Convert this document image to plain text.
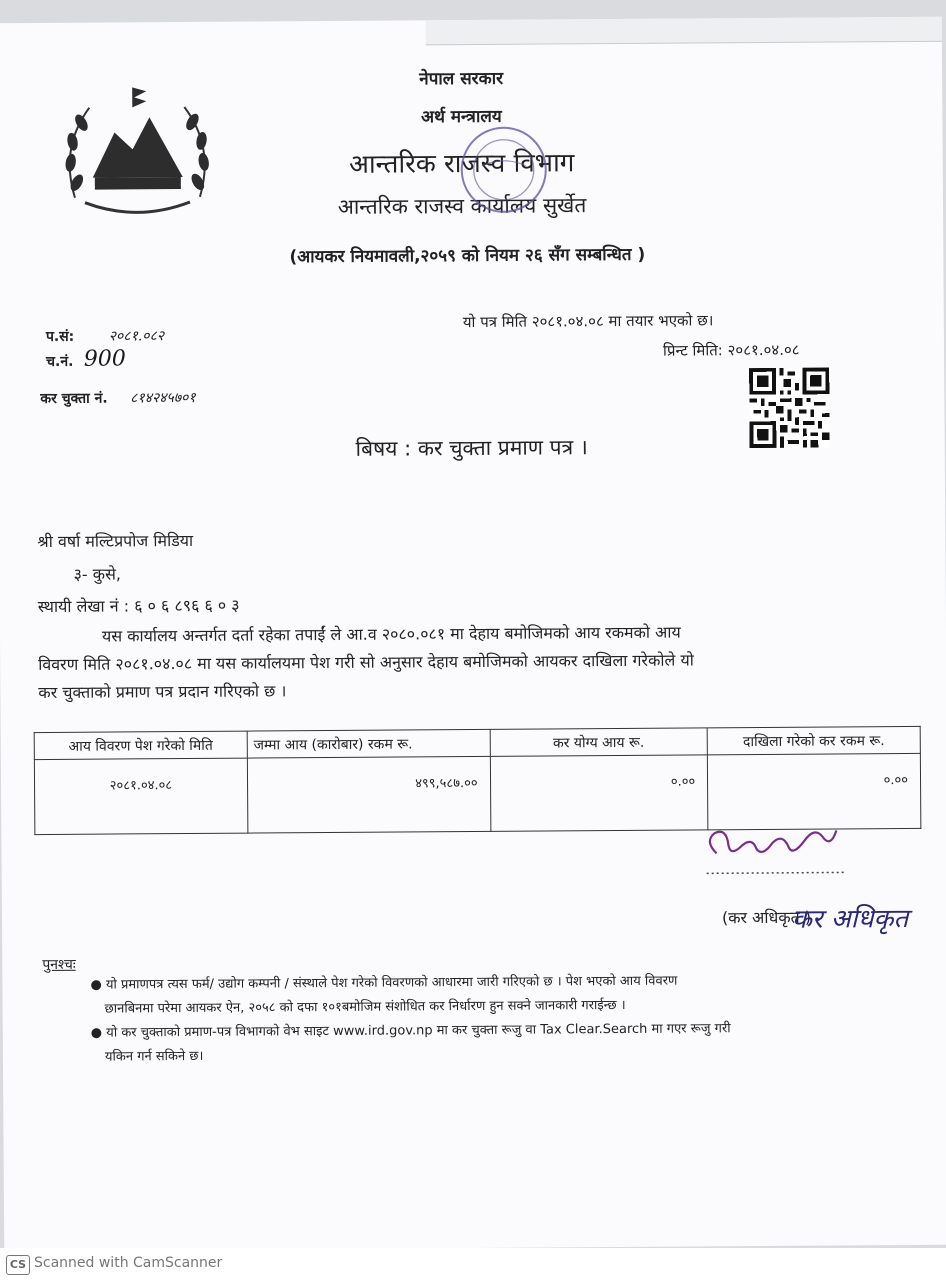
नेपाल सरकार
अर्थ मन्त्रालय
आन्तरिक राजस्व विभाग
आन्तरिक राजस्व कार्यालय सुर्खेत
(आयकर नियमावली,२०५९ को नियम २६ सँग सम्बन्धित )
प.सं: २०८१.०८२
च.नं. 900
कर चुक्ता नं. ८१४२४५७०१
यो पत्र मिति २०८१.०४.०८ मा तयार भएको छ।
प्रिन्ट मिति: २०८१.०४.०८
बिषय : कर चुक्ता प्रमाण पत्र ।
श्री वर्षा मल्टिप्रपोज मिडिया
३- कुसे,
स्थायी लेखा नं : ६ ० ६ ८९६ ६ ० ३
यस कार्यालय अन्तर्गत दर्ता रहेका तपाईं ले आ.व २०८०.०८१ मा देहाय बमोजिमको आय रकमको आय
विवरण मिति २०८१.०४.०८ मा यस कार्यालयमा पेश गरी सो अनुसार देहाय बमोजिमको आयकर दाखिला गरेकोले यो
कर चुक्ताको प्रमाण पत्र प्रदान गरिएको छ ।
आय विवरण पेश गरेको मिति	जम्मा आय (कारोबार) रकम रू.	कर योग्य आय रू.	दाखिला गरेको कर रकम रू.
२०८१.०४.०८	४९९,५८७.००	०.००	०.००
(कर अधिकृत )
कर अधिकृत
पुनश्चः
● यो प्रमाणपत्र त्यस फर्म/ उद्योग कम्पनी / संस्थाले पेश गरेको विवरणको आधारमा जारी गरिएको छ । पेश भएको आय विवरण
छानबिनमा परेमा आयकर ऐन, २०५८ को दफा १०१बमोजिम संशोधित कर निर्धारण हुन सक्ने जानकारी गराईन्छ ।
● यो कर चुक्ताको प्रमाण-पत्र विभागको वेभ साइट www.ird.gov.np मा कर चुक्ता रूजु वा Tax Clear.Search मा गएर रूजु गरी
यकिन गर्न सकिने छ।
CS Scanned with CamScanner
